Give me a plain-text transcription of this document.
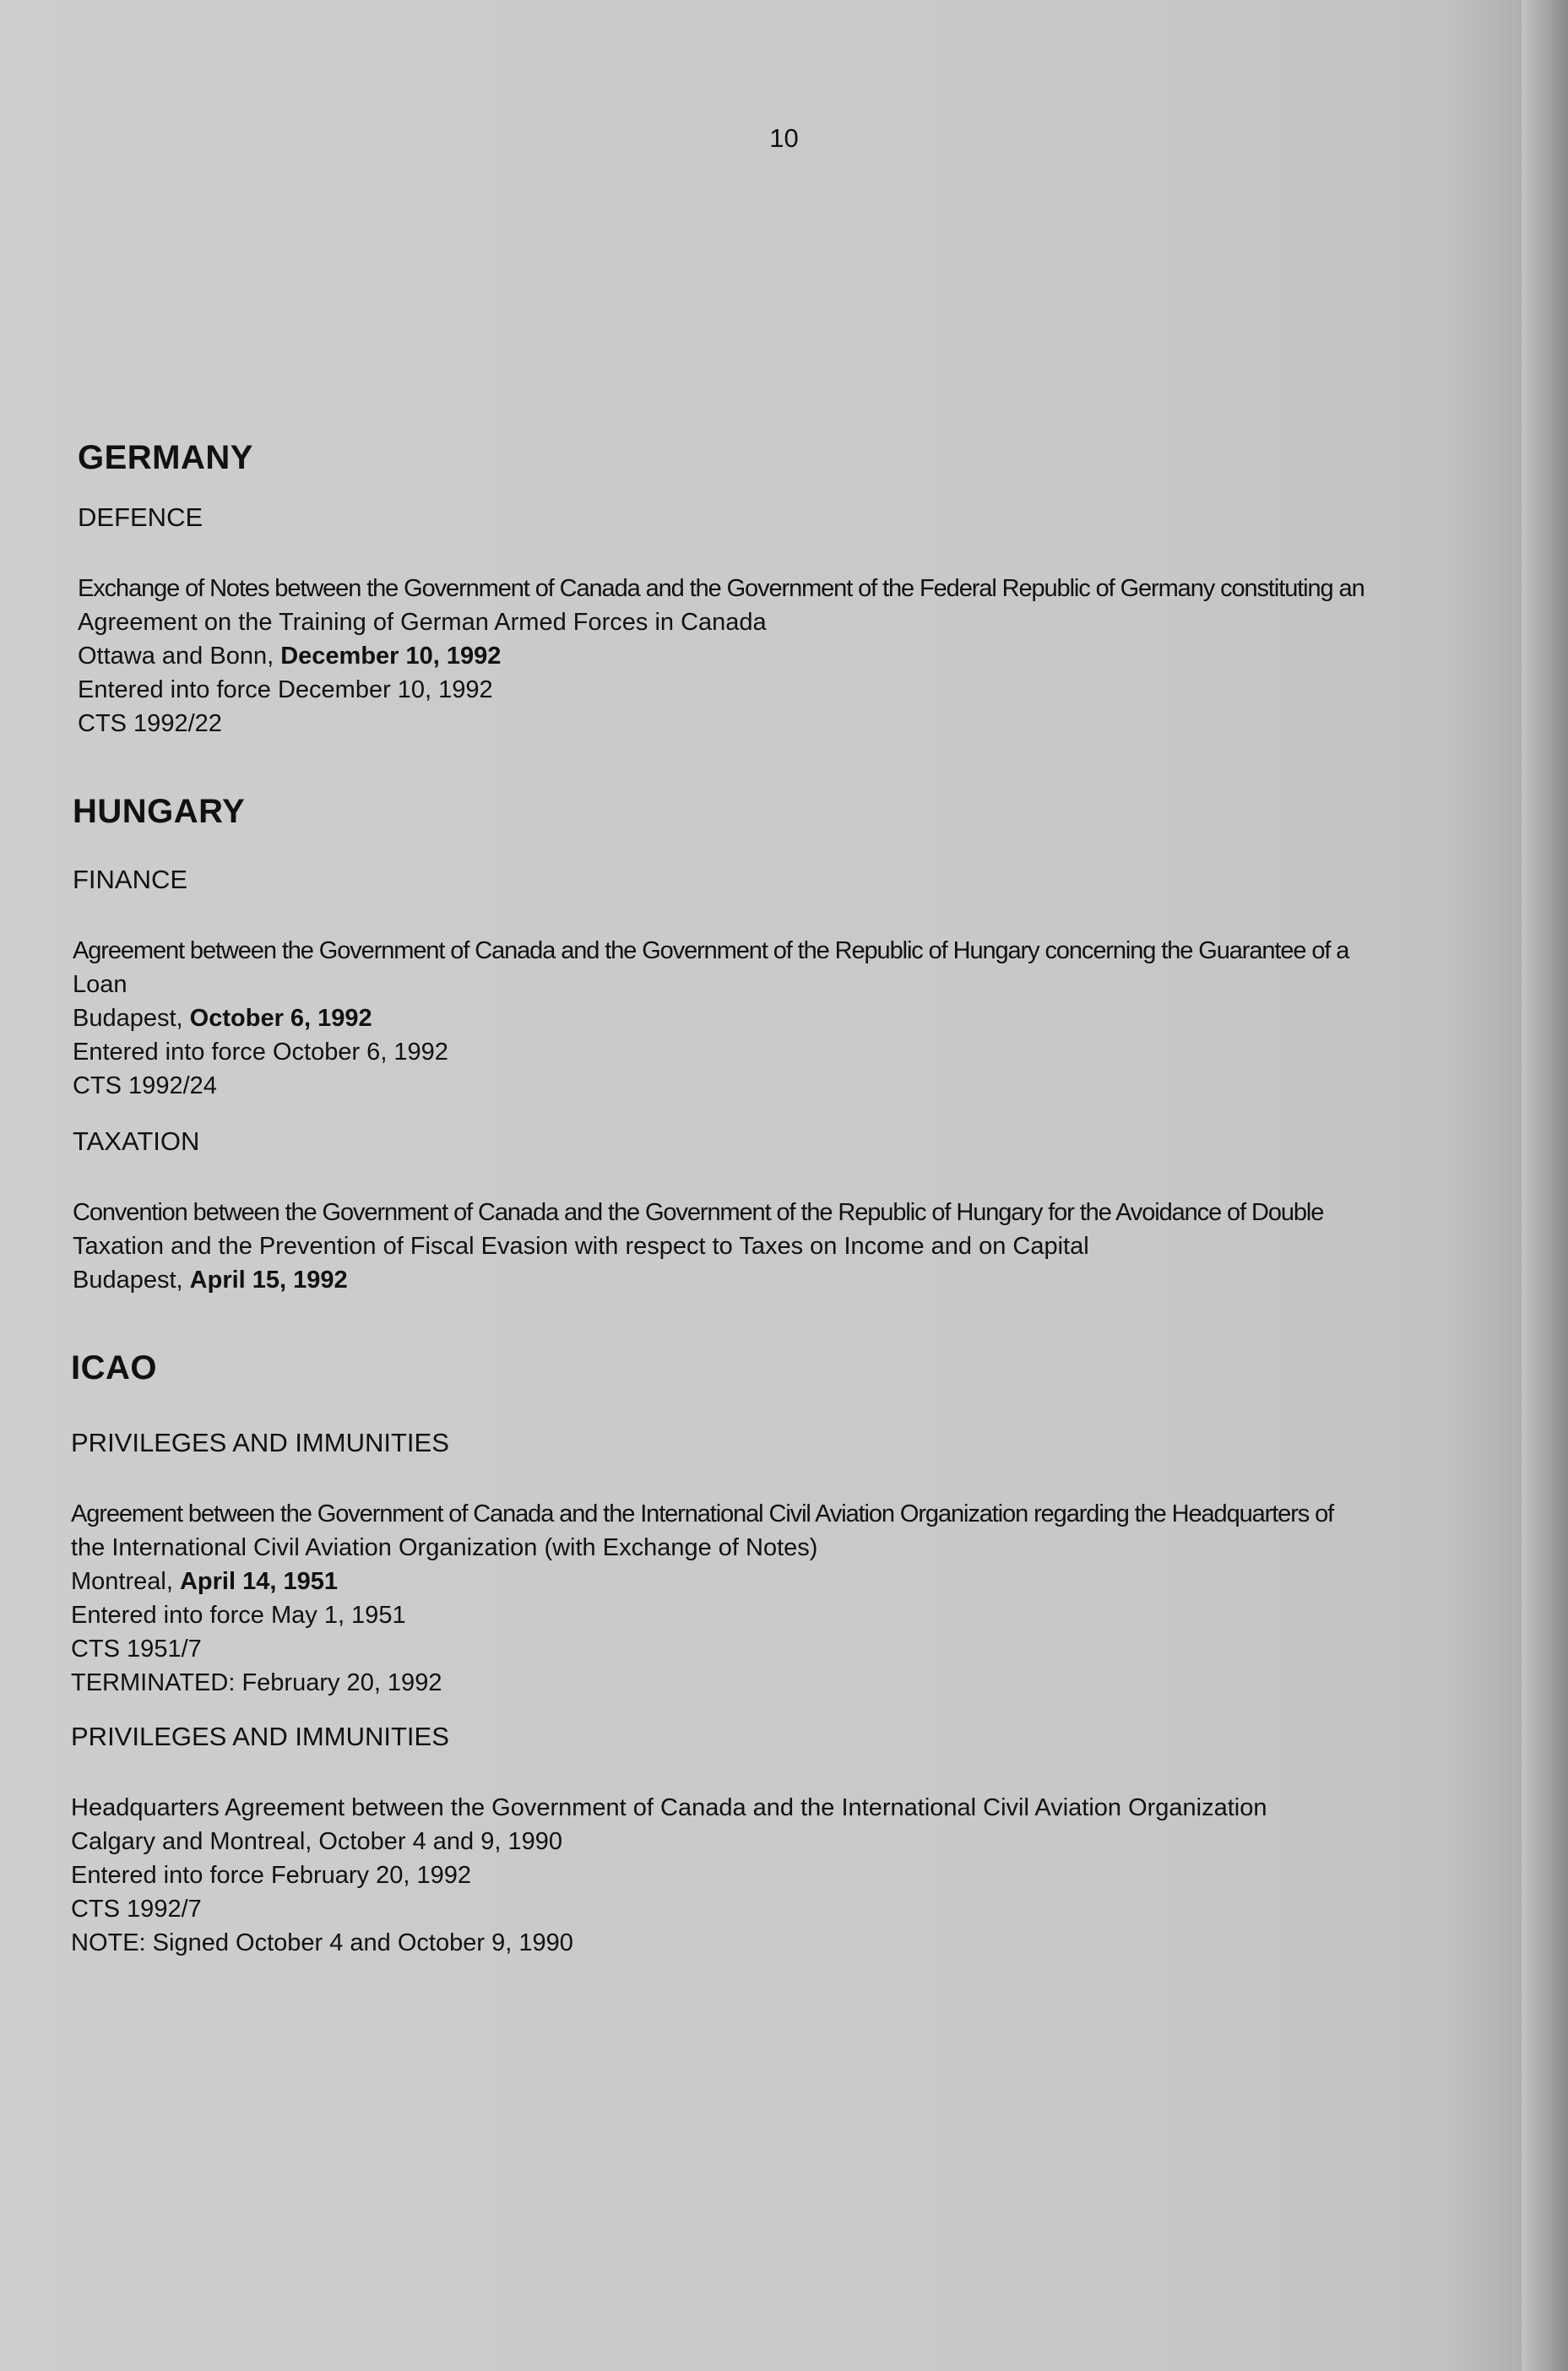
10
GERMANY
DEFENCE
Exchange of Notes between the Government of Canada and the Government of the Federal Republic of Germany constituting an
Agreement on the Training of German Armed Forces in Canada
Ottawa and Bonn, December 10, 1992
Entered into force December 10, 1992
CTS 1992/22
HUNGARY
FINANCE
Agreement between the Government of Canada and the Government of the Republic of Hungary concerning the Guarantee of a
Loan
Budapest, October 6, 1992
Entered into force October 6, 1992
CTS 1992/24
TAXATION
Convention between the Government of Canada and the Government of the Republic of Hungary for the Avoidance of Double
Taxation and the Prevention of Fiscal Evasion with respect to Taxes on Income and on Capital
Budapest, April 15, 1992
ICAO
PRIVILEGES AND IMMUNITIES
Agreement between the Government of Canada and the International Civil Aviation Organization regarding the Headquarters of
the International Civil Aviation Organization (with Exchange of Notes)
Montreal, April 14, 1951
Entered into force May 1, 1951
CTS 1951/7
TERMINATED: February 20, 1992
PRIVILEGES AND IMMUNITIES
Headquarters Agreement between the Government of Canada and the International Civil Aviation Organization
Calgary and Montreal, October 4 and 9, 1990
Entered into force February 20, 1992
CTS 1992/7
NOTE: Signed October 4 and October 9, 1990
